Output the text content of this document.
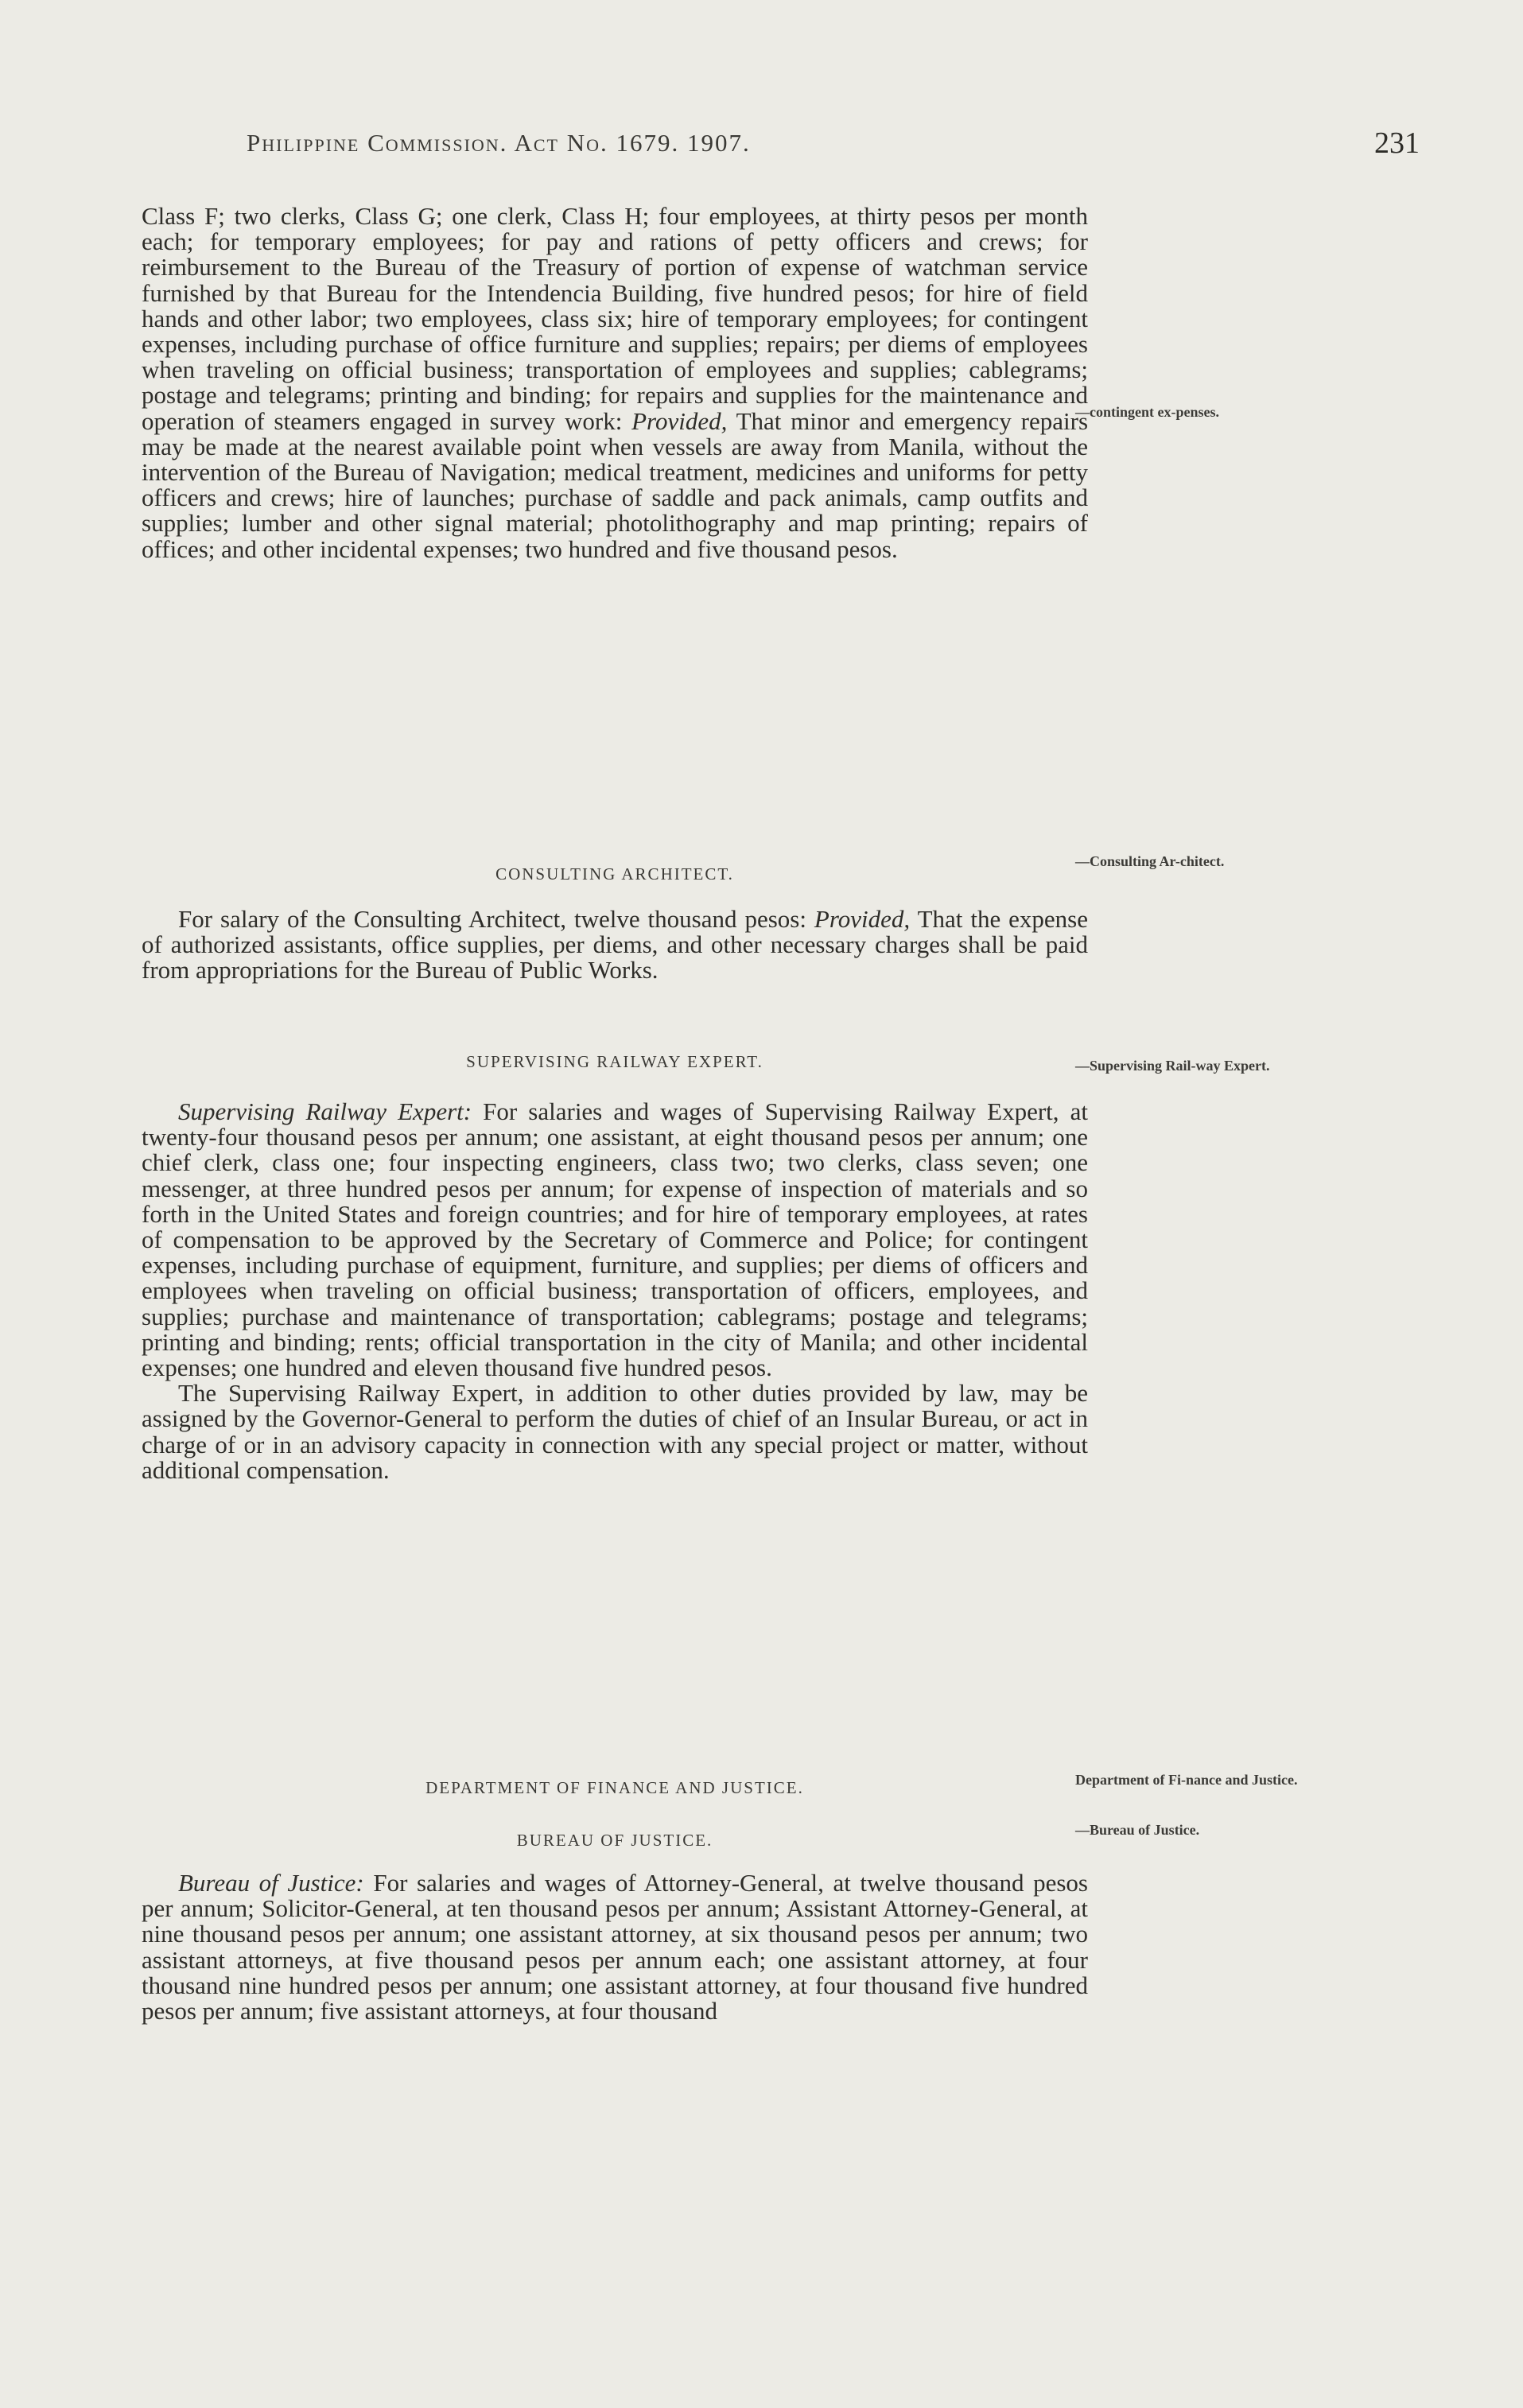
Philippine Commission. Act No. 1679. 1907.	231

Class F; two clerks, Class G; one clerk, Class H; four employees, at thirty pesos per month each; for temporary employees; for pay and rations of petty officers and crews; for reimbursement to the Bureau of the Treasury of portion of expense of watchman service furnished by that Bureau for the Intendencia Building, five hundred pesos; for hire of field hands and other labor; two employees, class six; hire of temporary employees; for contingent expenses, including purchase of office furniture and supplies; repairs; per diems of employees when traveling on official business; transportation of employees and supplies; cablegrams; postage and telegrams; printing and binding; for repairs and supplies for the maintenance and operation of steamers engaged in survey work: Provided, That minor and emergency repairs may be made at the nearest available point when vessels are away from Manila, without the intervention of the Bureau of Navigation; medical treatment, medicines and uniforms for petty officers and crews; hire of launches; purchase of saddle and pack animals, camp outfits and supplies; lumber and other signal material; photolithography and map printing; repairs of offices; and other incidental expenses; two hundred and five thousand pesos.

—contingent ex-penses.
CONSULTING ARCHITECT.
—Consulting Ar-chitect.

For salary of the Consulting Architect, twelve thousand pesos: Provided, That the expense of authorized assistants, office supplies, per diems, and other necessary charges shall be paid from appropriations for the Bureau of Public Works.

SUPERVISING RAILWAY EXPERT.	—Supervising Rail-way Expert.

Supervising Railway Expert: For salaries and wages of Supervising Railway Expert, at twenty-four thousand pesos per annum; one assistant, at eight thousand pesos per annum; one chief clerk, class one; four inspecting engineers, class two; two clerks, class seven; one messenger, at three hundred pesos per annum; for expense of inspection of materials and so forth in the United States and foreign countries; and for hire of temporary employees, at rates of compensation to be approved by the Secretary of Commerce and Police; for contingent expenses, including purchase of equipment, furniture, and supplies; per diems of officers and employees when traveling on official business; transportation of officers, employees, and supplies; purchase and maintenance of transportation; cablegrams; postage and telegrams; printing and binding; rents; official transportation in the city of Manila; and other incidental expenses; one hundred and eleven thousand five hundred pesos.

The Supervising Railway Expert, in addition to other duties provided by law, may be assigned by the Governor-General to perform the duties of chief of an Insular Bureau, or act in charge of or in an advisory capacity in connection with any special project or matter, without additional compensation.

DEPARTMENT OF FINANCE AND JUSTICE.	Department of Fi-nance and Justice.
BUREAU OF JUSTICE.
—Bureau of Justice.

Bureau of Justice: For salaries and wages of Attorney-General, at twelve thousand pesos per annum; Solicitor-General, at ten thousand pesos per annum; Assistant Attorney-General, at nine thousand pesos per annum; one assistant attorney, at six thousand pesos per annum; two assistant attorneys, at five thousand pesos per annum each; one assistant attorney, at four thousand nine hundred pesos per annum; one assistant attorney, at four thousand five hundred pesos per annum; five assistant attorneys, at four thousand
